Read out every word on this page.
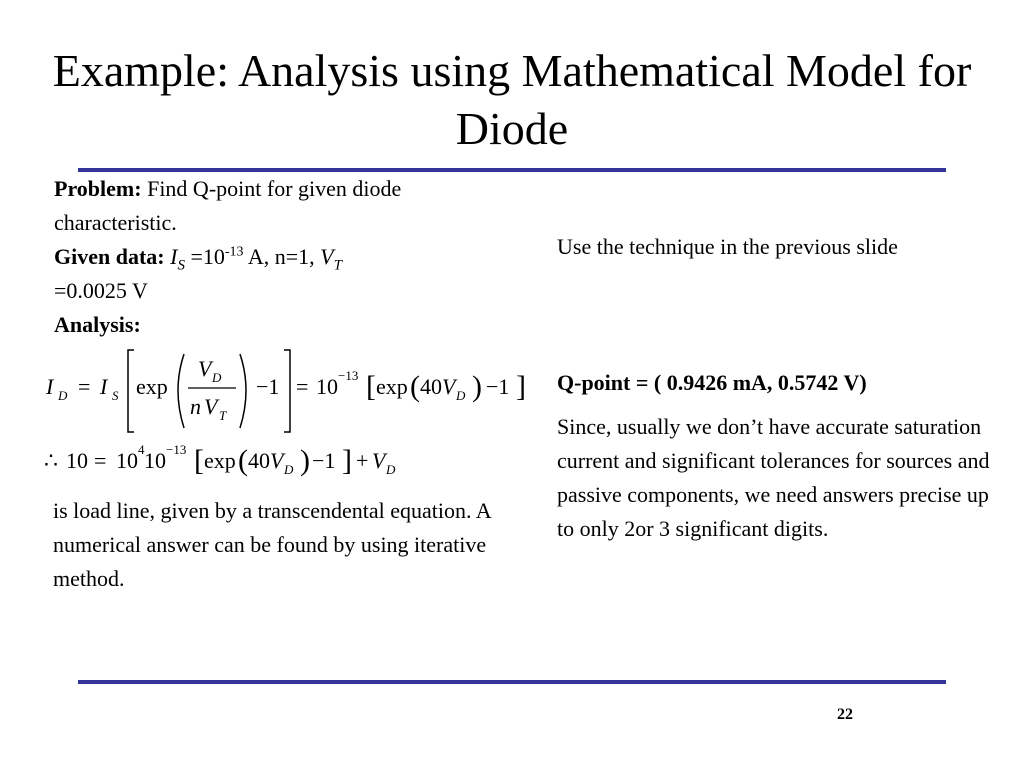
Example: Analysis using Mathematical Model for Diode
Problem: Find Q-point for given diode characteristic.
Given data: $I_S =10^{-13}$ A, n=1, $V_T$
=0.0025 V
Analysis:
I D = I S exp
V D
n V T
−1 = 10 −13 [ exp ( 40 V D ) −1 ]
∴ 10 = 10 4 10 −13 [ exp ( 40 V D ) −1 ] + V D
is load line, given by a transcendental equation. A numerical answer can be found by using iterative method.
Use the technique in the previous slide
Q-point = ( 0.9426 mA, 0.5742 V)
Since, usually we don’t have accurate saturation current and significant tolerances for sources and passive components, we need answers precise up to only 2or 3 significant digits.
22
